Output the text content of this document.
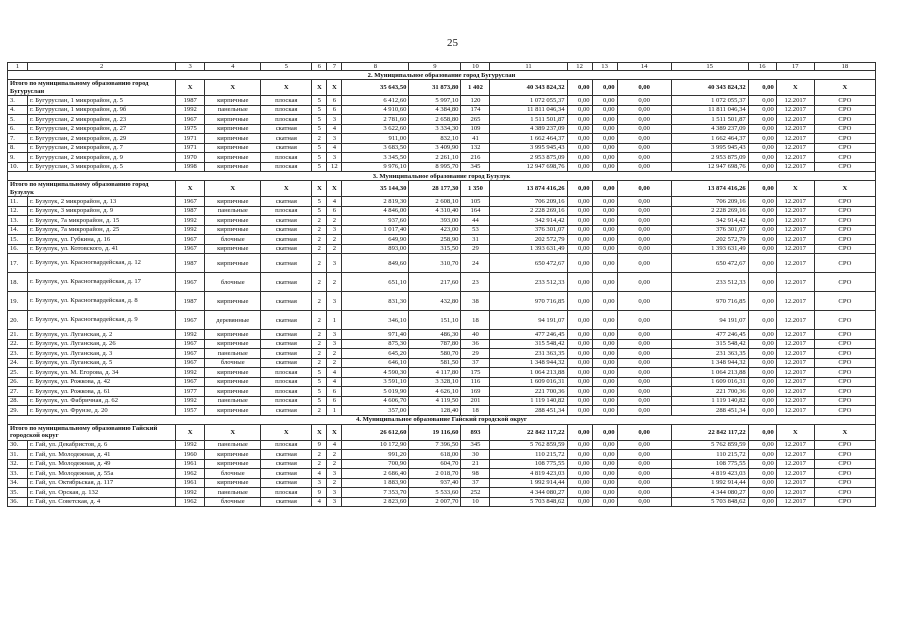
25
1	2	3	4	5	6	7	8	9	10	11	12	13	14	15	16	17	18
2. Муниципальное образование город Бугуруслан																	
Итого по муниципальному образованию город Бугуруслан		X	X	X	X	X	35 643,50	31 873,80	1 402	40 343 824,32	0,00	0,00	0,00	40 343 824,32	0,00	X	X
3.	г. Бугуруслан, 1 микрорайон, д. 5	1987	кирпичные	плоская	5	6	6 412,60	5 997,10	120	1 072 055,37	0,00	0,00	0,00	1 072 055,37	0,00	12.2017	СРО
4.	г. Бугуруслан, 1 микрорайон, д. 9б	1992	панельные	плоская	5	6	4 910,60	4 384,80	174	11 811 046,34	0,00	0,00	0,00	11 811 046,34	0,00	12.2017	СРО
5.	г. Бугуруслан, 2 микрорайон, д. 23	1967	кирпичные	плоская	5	3	2 781,60	2 658,80	265	1 511 501,87	0,00	0,00	0,00	1 511 501,87	0,00	12.2017	СРО
6.	г. Бугуруслан, 2 микрорайон, д. 27	1975	кирпичные	скатная	5	4	3 622,60	3 334,30	109	4 389 237,09	0,00	0,00	0,00	4 389 237,09	0,00	12.2017	СРО
7.	г. Бугуруслан, 2 микрорайон, д. 29	1971	кирпичные	скатная	2	3	911,00	832,10	41	1 662 464,37	0,00	0,00	0,00	1 662 464,37	0,00	12.2017	СРО
8.	г. Бугуруслан, 2 микрорайон, д. 7	1971	кирпичные	скатная	5	4	3 683,50	3 409,90	132	3 995 945,43	0,00	0,00	0,00	3 995 945,43	0,00	12.2017	СРО
9.	г. Бугуруслан, 2 микрорайон, д. 9	1970	кирпичные	плоская	5	3	3 345,50	2 261,10	216	2 953 875,09	0,00	0,00	0,00	2 953 875,09	0,00	12.2017	СРО
10.	г. Бугуруслан, 3 микрорайон, д. 5	1998	кирпичные	плоская	5	12	9 976,10	8 995,70	345	12 947 698,76	0,00	0,00	0,00	12 947 698,76	0,00	12.2017	СРО
3. Муниципальное образование город Бузулук																	
Итого по муниципальному образованию город Бузулук		X	X	X	X	X	35 144,30	28 177,30	1 350	13 874 416,26	0,00	0,00	0,00	13 874 416,26	0,00	X	X
11.	г. Бузулук, 2 микрорайон, д. 13	1967	кирпичные	скатная	5	4	2 819,30	2 608,10	105	706 209,16	0,00	0,00	0,00	706 209,16	0,00	12.2017	СРО
12.	г. Бузулук, 3 микрорайон, д. 9	1987	панельные	плоская	5	6	4 846,00	4 310,40	164	2 228 269,16	0,00	0,00	0,00	2 228 269,16	0,00	12.2017	СРО
13.	г. Бузулук, 7а микрорайон, д. 15	1992	кирпичные	скатная	2	2	937,60	393,00	44	342 914,42	0,00	0,00	0,00	342 914,42	0,00	12.2017	СРО
14.	г. Бузулук, 7а микрорайон, д. 25	1992	кирпичные	скатная	2	3	1 017,40	423,00	53	376 301,07	0,00	0,00	0,00	376 301,07	0,00	12.2017	СРО
15.	г. Бузулук, ул. Губкина, д. 16	1967	блочные	скатная	2	2	649,90	258,90	31	202 572,79	0,00	0,00	0,00	202 572,79	0,00	12.2017	СРО
16.	г. Бузулук, ул. Котовского, д. 41	1967	кирпичные	скатная	2	2	893,00	315,50	29	1 393 631,49	0,00	0,00	0,00	1 393 631,49	0,00	12.2017	СРО
17.	г. Бузулук, ул. Красногвардейская, д. 12	1987	кирпичные	скатная	2	3	849,60	310,70	24	650 472,67	0,00	0,00	0,00	650 472,67	0,00	12.2017	СРО
18.	г. Бузулук, ул. Красногвардейская, д. 17	1967	блочные	скатная	2	2	651,10	217,60	23	233 512,33	0,00	0,00	0,00	233 512,33	0,00	12.2017	СРО
19.	г. Бузулук, ул. Красногвардейская, д. 8	1987	кирпичные	скатная	2	3	831,30	432,80	38	970 716,85	0,00	0,00	0,00	970 716,85	0,00	12.2017	СРО
20.	г. Бузулук, ул. Красногвардейская, д. 9	1967	деревянные	скатная	2	1	346,10	151,10	18	94 191,07	0,00	0,00	0,00	94 191,07	0,00	12.2017	СРО
21.	г. Бузулук, ул. Луганская, д. 2	1992	кирпичные	скатная	2	3	971,40	486,30	40	477 246,45	0,00	0,00	0,00	477 246,45	0,00	12.2017	СРО
22.	г. Бузулук, ул. Луганская, д. 26	1967	кирпичные	скатная	2	3	875,30	787,80	36	315 548,42	0,00	0,00	0,00	315 548,42	0,00	12.2017	СРО
23.	г. Бузулук, ул. Луганская, д. 3	1967	панельные	скатная	2	2	645,20	580,70	29	231 363,35	0,00	0,00	0,00	231 363,35	0,00	12.2017	СРО
24.	г. Бузулук, ул. Луганская, д. 5	1967	блочные	скатная	2	2	646,10	581,50	37	1 348 944,32	0,00	0,00	0,00	1 348 944,32	0,00	12.2017	СРО
25.	г. Бузулук, ул. М. Егорова, д. 34	1992	кирпичные	плоская	5	4	4 590,30	4 117,80	175	1 064 213,88	0,00	0,00	0,00	1 064 213,88	0,00	12.2017	СРО
26.	г. Бузулук, ул. Рожкова, д. 42	1967	кирпичные	плоская	5	4	3 591,10	3 328,10	116	1 609 016,31	0,00	0,00	0,00	1 609 016,31	0,00	12.2017	СРО
27.	г. Бузулук, ул. Рожкова, д. 61	1977	кирпичные	плоская	5	6	5 019,90	4 626,10	169	221 700,36	0,00	0,00	0,00	221 700,36	0,00	12.2017	СРО
28.	г. Бузулук, ул. Фабричная, д. 62	1992	панельные	плоская	5	6	4 606,70	4 119,50	201	1 119 140,82	0,00	0,00	0,00	1 119 140,82	0,00	12.2017	СРО
29.	г. Бузулук, ул. Фрунзе, д. 20	1957	кирпичные	скатная	2	1	357,00	128,40	18	288 451,34	0,00	0,00	0,00	288 451,34	0,00	12.2017	СРО
4. Муниципальное образование Гайский городской округ																	
Итого по муниципальному образованию Гайский городской округ		X	X	X	X	X	26 612,60	19 116,60	893	22 842 117,22	0,00	0,00	0,00	22 842 117,22	0,00	X	X
30.	г. Гай, ул. Декабристов, д. 6	1992	панельные	плоская	9	4	10 172,90	7 396,50	345	5 762 859,59	0,00	0,00	0,00	5 762 859,59	0,00	12.2017	СРО
31.	г. Гай, ул. Молодежная, д. 41	1960	кирпичные	скатная	2	2	991,20	618,00	30	110 215,72	0,00	0,00	0,00	110 215,72	0,00	12.2017	СРО
32.	г. Гай, ул. Молодежная, д. 49	1961	кирпичные	скатная	2	2	700,90	604,70	21	108 775,55	0,00	0,00	0,00	108 775,55	0,00	12.2017	СРО
33.	г. Гай, ул. Молодежная, д. 55а	1962	блочные	скатная	4	3	2 686,40	2 018,70	98	4 819 423,03	0,00	0,00	0,00	4 819 423,03	0,00	12.2017	СРО
34.	г. Гай, ул. Октябрьская, д. 117	1961	кирпичные	скатная	3	2	1 883,90	937,40	37	1 992 914,44	0,00	0,00	0,00	1 992 914,44	0,00	12.2017	СРО
35.	г. Гай, ул. Орская, д. 132	1992	панельные	плоская	9	3	7 353,70	5 533,60	252	4 344 080,27	0,00	0,00	0,00	4 344 080,27	0,00	12.2017	СРО
36.	г. Гай, ул. Советская, д. 4	1962	блочные	скатная	4	3	2 823,60	2 007,70	10	5 703 848,62	0,00	0,00	0,00	5 703 848,62	0,00	12.2017	СРО
